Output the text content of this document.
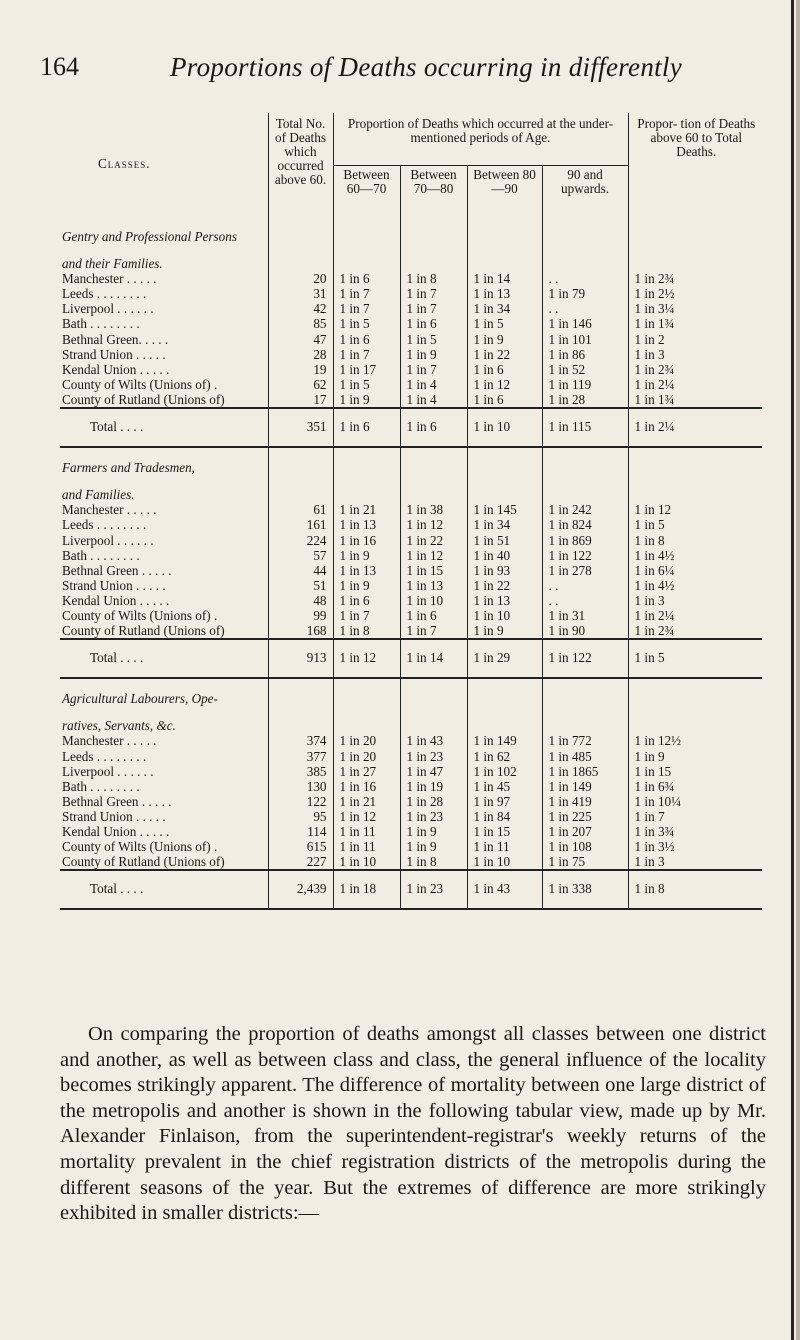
164	Proportions of Deaths occurring in differently
Classes.	Total No. of Deaths which occurred above 60.	Proportion of Deaths which occurred at the under-mentioned periods of Age.				Propor- tion of Deaths above 60 to Total Deaths.
		Between 60—70	Between 70—80	Between 80—90	90 and upwards.	
Gentry and Professional Persons						
and their Families.						
Manchester . . . . .	20	1 in 6	1 in 8	1 in 14	. .	1 in 2¾
Leeds . . . . . . . .	31	1 in 7	1 in 7	1 in 13	1 in 79	1 in 2½
Liverpool . . . . . .	42	1 in 7	1 in 7	1 in 34	. .	1 in 3¼
Bath . . . . . . . .	85	1 in 5	1 in 6	1 in 5	1 in 146	1 in 1¾
Bethnal Green. . . . .	47	1 in 6	1 in 5	1 in 9	1 in 101	1 in 2
Strand Union . . . . .	28	1 in 7	1 in 9	1 in 22	1 in 86	1 in 3
Kendal Union . . . . .	19	1 in 17	1 in 7	1 in 6	1 in 52	1 in 2¾
County of Wilts (Unions of) .	62	1 in 5	1 in 4	1 in 12	1 in 119	1 in 2¼
County of Rutland (Unions of)	17	1 in 9	1 in 4	1 in 6	1 in 28	1 in 1¾
Total . . . .	351	1 in 6	1 in 6	1 in 10	1 in 115	1 in 2¼
Farmers and Tradesmen,						
and Families.						
Manchester . . . . .	61	1 in 21	1 in 38	1 in 145	1 in 242	1 in 12
Leeds . . . . . . . .	161	1 in 13	1 in 12	1 in 34	1 in 824	1 in 5
Liverpool . . . . . .	224	1 in 16	1 in 22	1 in 51	1 in 869	1 in 8
Bath . . . . . . . .	57	1 in 9	1 in 12	1 in 40	1 in 122	1 in 4½
Bethnal Green . . . . .	44	1 in 13	1 in 15	1 in 93	1 in 278	1 in 6¼
Strand Union . . . . .	51	1 in 9	1 in 13	1 in 22	. .	1 in 4½
Kendal Union . . . . .	48	1 in 6	1 in 10	1 in 13	. .	1 in 3
County of Wilts (Unions of) .	99	1 in 7	1 in 6	1 in 10	1 in 31	1 in 2¼
County of Rutland (Unions of)	168	1 in 8	1 in 7	1 in 9	1 in 90	1 in 2¾
Total . . . .	913	1 in 12	1 in 14	1 in 29	1 in 122	1 in 5
Agricultural Labourers, Ope-						
ratives, Servants, &c.						
Manchester . . . . .	374	1 in 20	1 in 43	1 in 149	1 in 772	1 in 12½
Leeds . . . . . . . .	377	1 in 20	1 in 23	1 in 62	1 in 485	1 in 9
Liverpool . . . . . .	385	1 in 27	1 in 47	1 in 102	1 in 1865	1 in 15
Bath . . . . . . . .	130	1 in 16	1 in 19	1 in 45	1 in 149	1 in 6¾
Bethnal Green . . . . .	122	1 in 21	1 in 28	1 in 97	1 in 419	1 in 10¼
Strand Union . . . . .	95	1 in 12	1 in 23	1 in 84	1 in 225	1 in 7
Kendal Union . . . . .	114	1 in 11	1 in 9	1 in 15	1 in 207	1 in 3¾
County of Wilts (Unions of) .	615	1 in 11	1 in 9	1 in 11	1 in 108	1 in 3½
County of Rutland (Unions of)	227	1 in 10	1 in 8	1 in 10	1 in 75	1 in 3
Total . . . .	2,439	1 in 18	1 in 23	1 in 43	1 in 338	1 in 8

On comparing the proportion of deaths amongst all classes between one district and another, as well as between class and class, the general influence of the locality becomes strikingly apparent. The difference of mortality between one large district of the metropolis and another is shown in the following tabular view, made up by Mr. Alexander Finlaison, from the superintendent-registrar's weekly returns of the mortality prevalent in the chief registration districts of the metropolis during the different seasons of the year. But the extremes of difference are more strikingly exhibited in smaller districts:—
